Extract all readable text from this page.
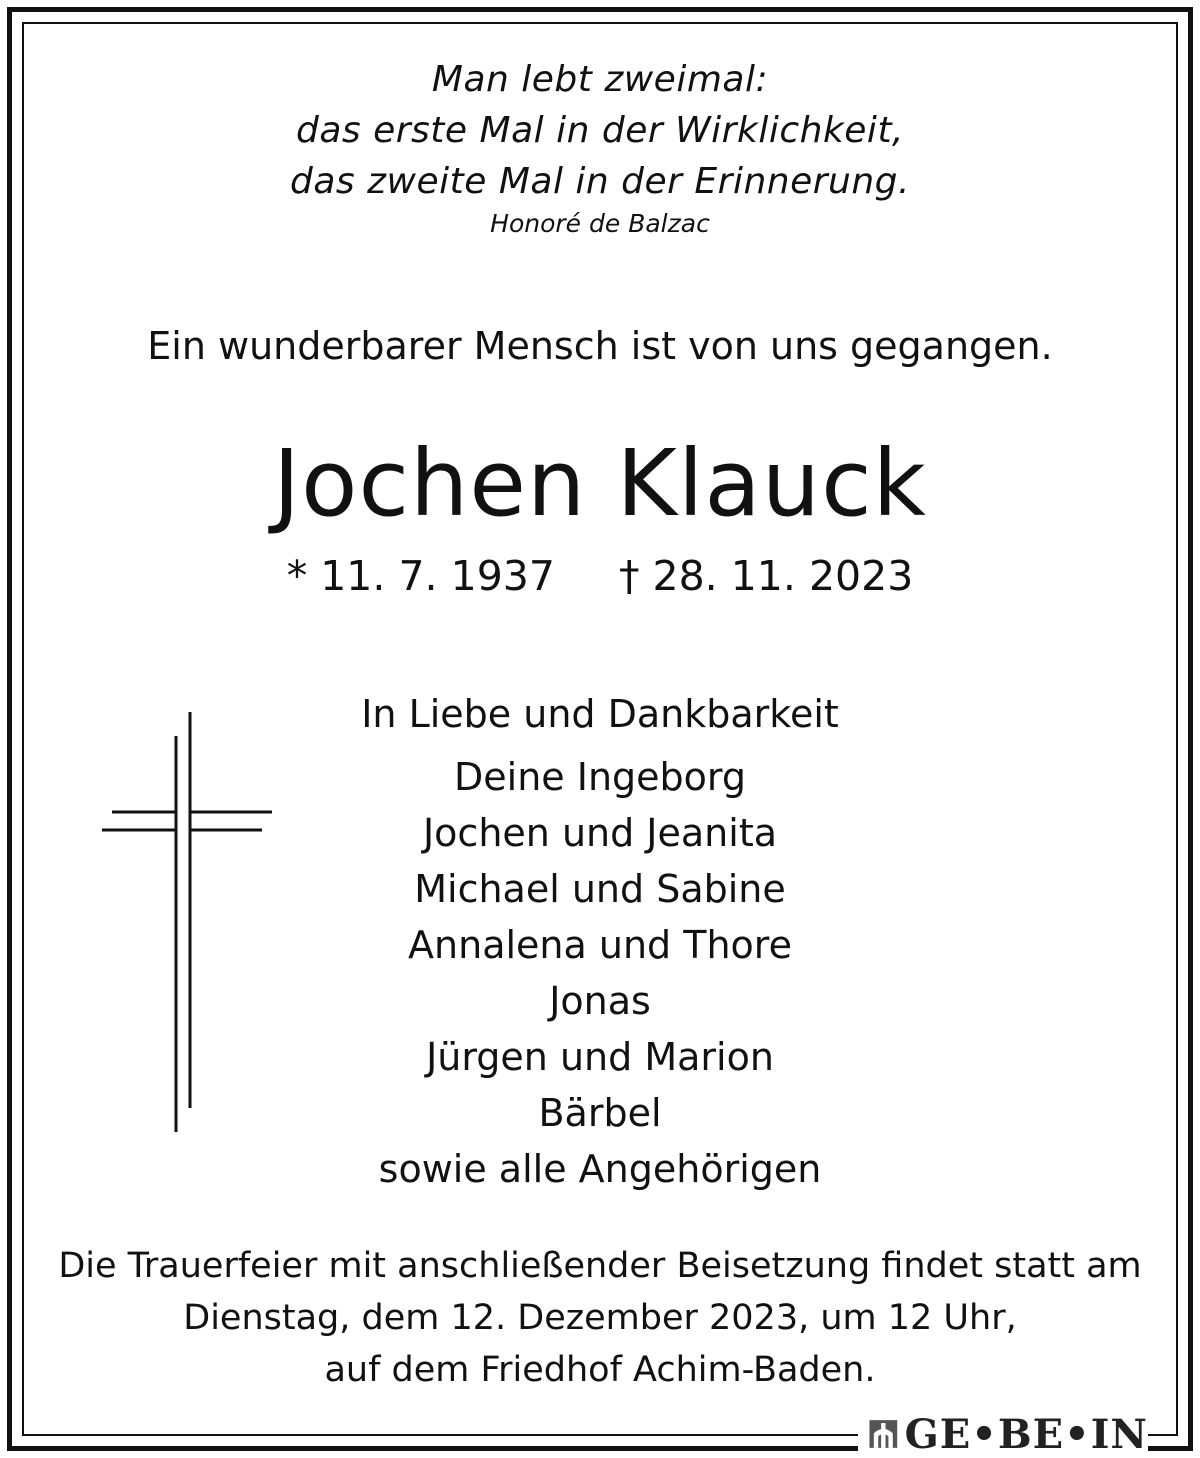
Man lebt zweimal:
das erste Mal in der Wirklichkeit,
das zweite Mal in der Erinnerung.
Honoré de Balzac
Ein wunderbarer Mensch ist von uns gegangen.
Jochen Klauck
* 11. 7. 1937 † 28. 11. 2023
In Liebe und Dankbarkeit
Deine Ingeborg
Jochen und Jeanita
Michael und Sabine
Annalena und Thore
Jonas
Jürgen und Marion
Bärbel
sowie alle Angehörigen
Die Trauerfeier mit anschließender Beisetzung findet statt am
Dienstag, dem 12. Dezember 2023, um 12 Uhr,
auf dem Friedhof Achim-Baden.
GE•BE•IN
